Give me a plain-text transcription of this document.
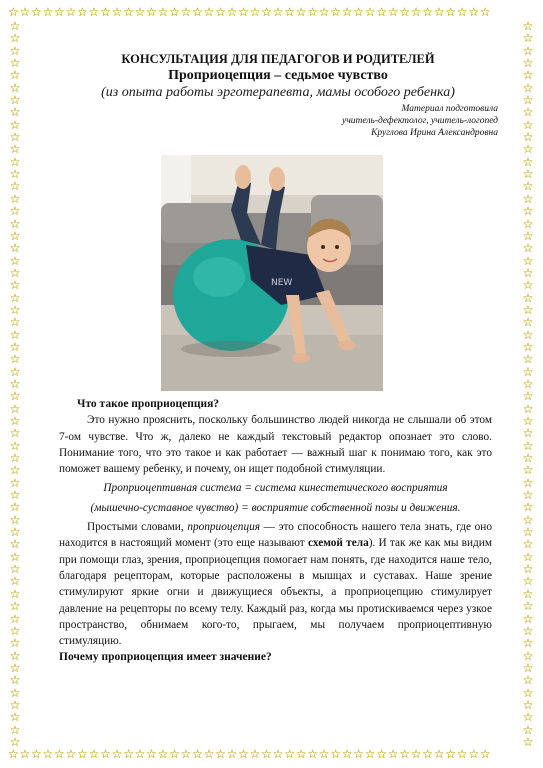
☆☆☆☆☆☆☆☆☆☆☆☆☆☆☆☆☆☆☆☆☆☆☆☆☆☆☆☆☆☆☆☆☆☆☆☆☆☆☆☆☆☆
☆☆☆☆☆☆☆☆☆☆☆☆☆☆☆☆☆☆☆☆☆☆☆☆☆☆☆☆☆☆☆☆☆☆☆☆☆☆☆☆☆☆
☆☆☆☆☆☆☆☆☆☆☆☆☆☆☆☆☆☆☆☆☆☆☆☆☆☆☆☆☆☆☆☆☆☆☆☆☆☆☆☆☆☆☆☆☆☆☆☆☆☆☆☆☆☆☆☆☆☆☆
☆☆☆☆☆☆☆☆☆☆☆☆☆☆☆☆☆☆☆☆☆☆☆☆☆☆☆☆☆☆☆☆☆☆☆☆☆☆☆☆☆☆☆☆☆☆☆☆☆☆☆☆☆☆☆☆☆☆☆
КОНСУЛЬТАЦИЯ ДЛЯ ПЕДАГОГОВ И РОДИТЕЛЕЙ
Проприоцепция – седьмое чувство
(из опыта работы эрготерапевта, мамы особого ребенка)
Материал подготовила
учитель-дефектолог, учитель-логопед
Круглова Ирина Александровна
NEW

Что такое проприоцепция?

Это нужно прояснить, поскольку большинство людей никогда не слышали об этом 7-ом чувстве. Что ж, далеко не каждый текстовый редактор опознает это слово. Понимание того, что это такое и как работает — важный шаг к понимаю того, как это поможет вашему ребенку, и почему, он ищет подобной стимуляции.

Проприоцептивная система = система кинестетического восприятия

(мышечно-суставное чувство) = восприятие собственной позы и движения.

Простыми словами, проприоцепция — это способность нашего тела знать, где оно находится в настоящий момент (это еще называют схемой тела). И так же как мы видим при помощи глаз, зрения, проприоцепция помогает нам понять, где находится наше тело, благодаря рецепторам, которые расположены в мышцах и суставах. Наше зрение стимулируют яркие огни и движущиеся объекты, а проприоцепцию стимулирует давление на рецепторы по всему телу. Каждый раз, когда мы протискиваемся через узкое пространство, обнимаем кого-то, прыгаем, мы получаем проприоцептивную стимуляцию.

Почему проприоцепция имеет значение?
